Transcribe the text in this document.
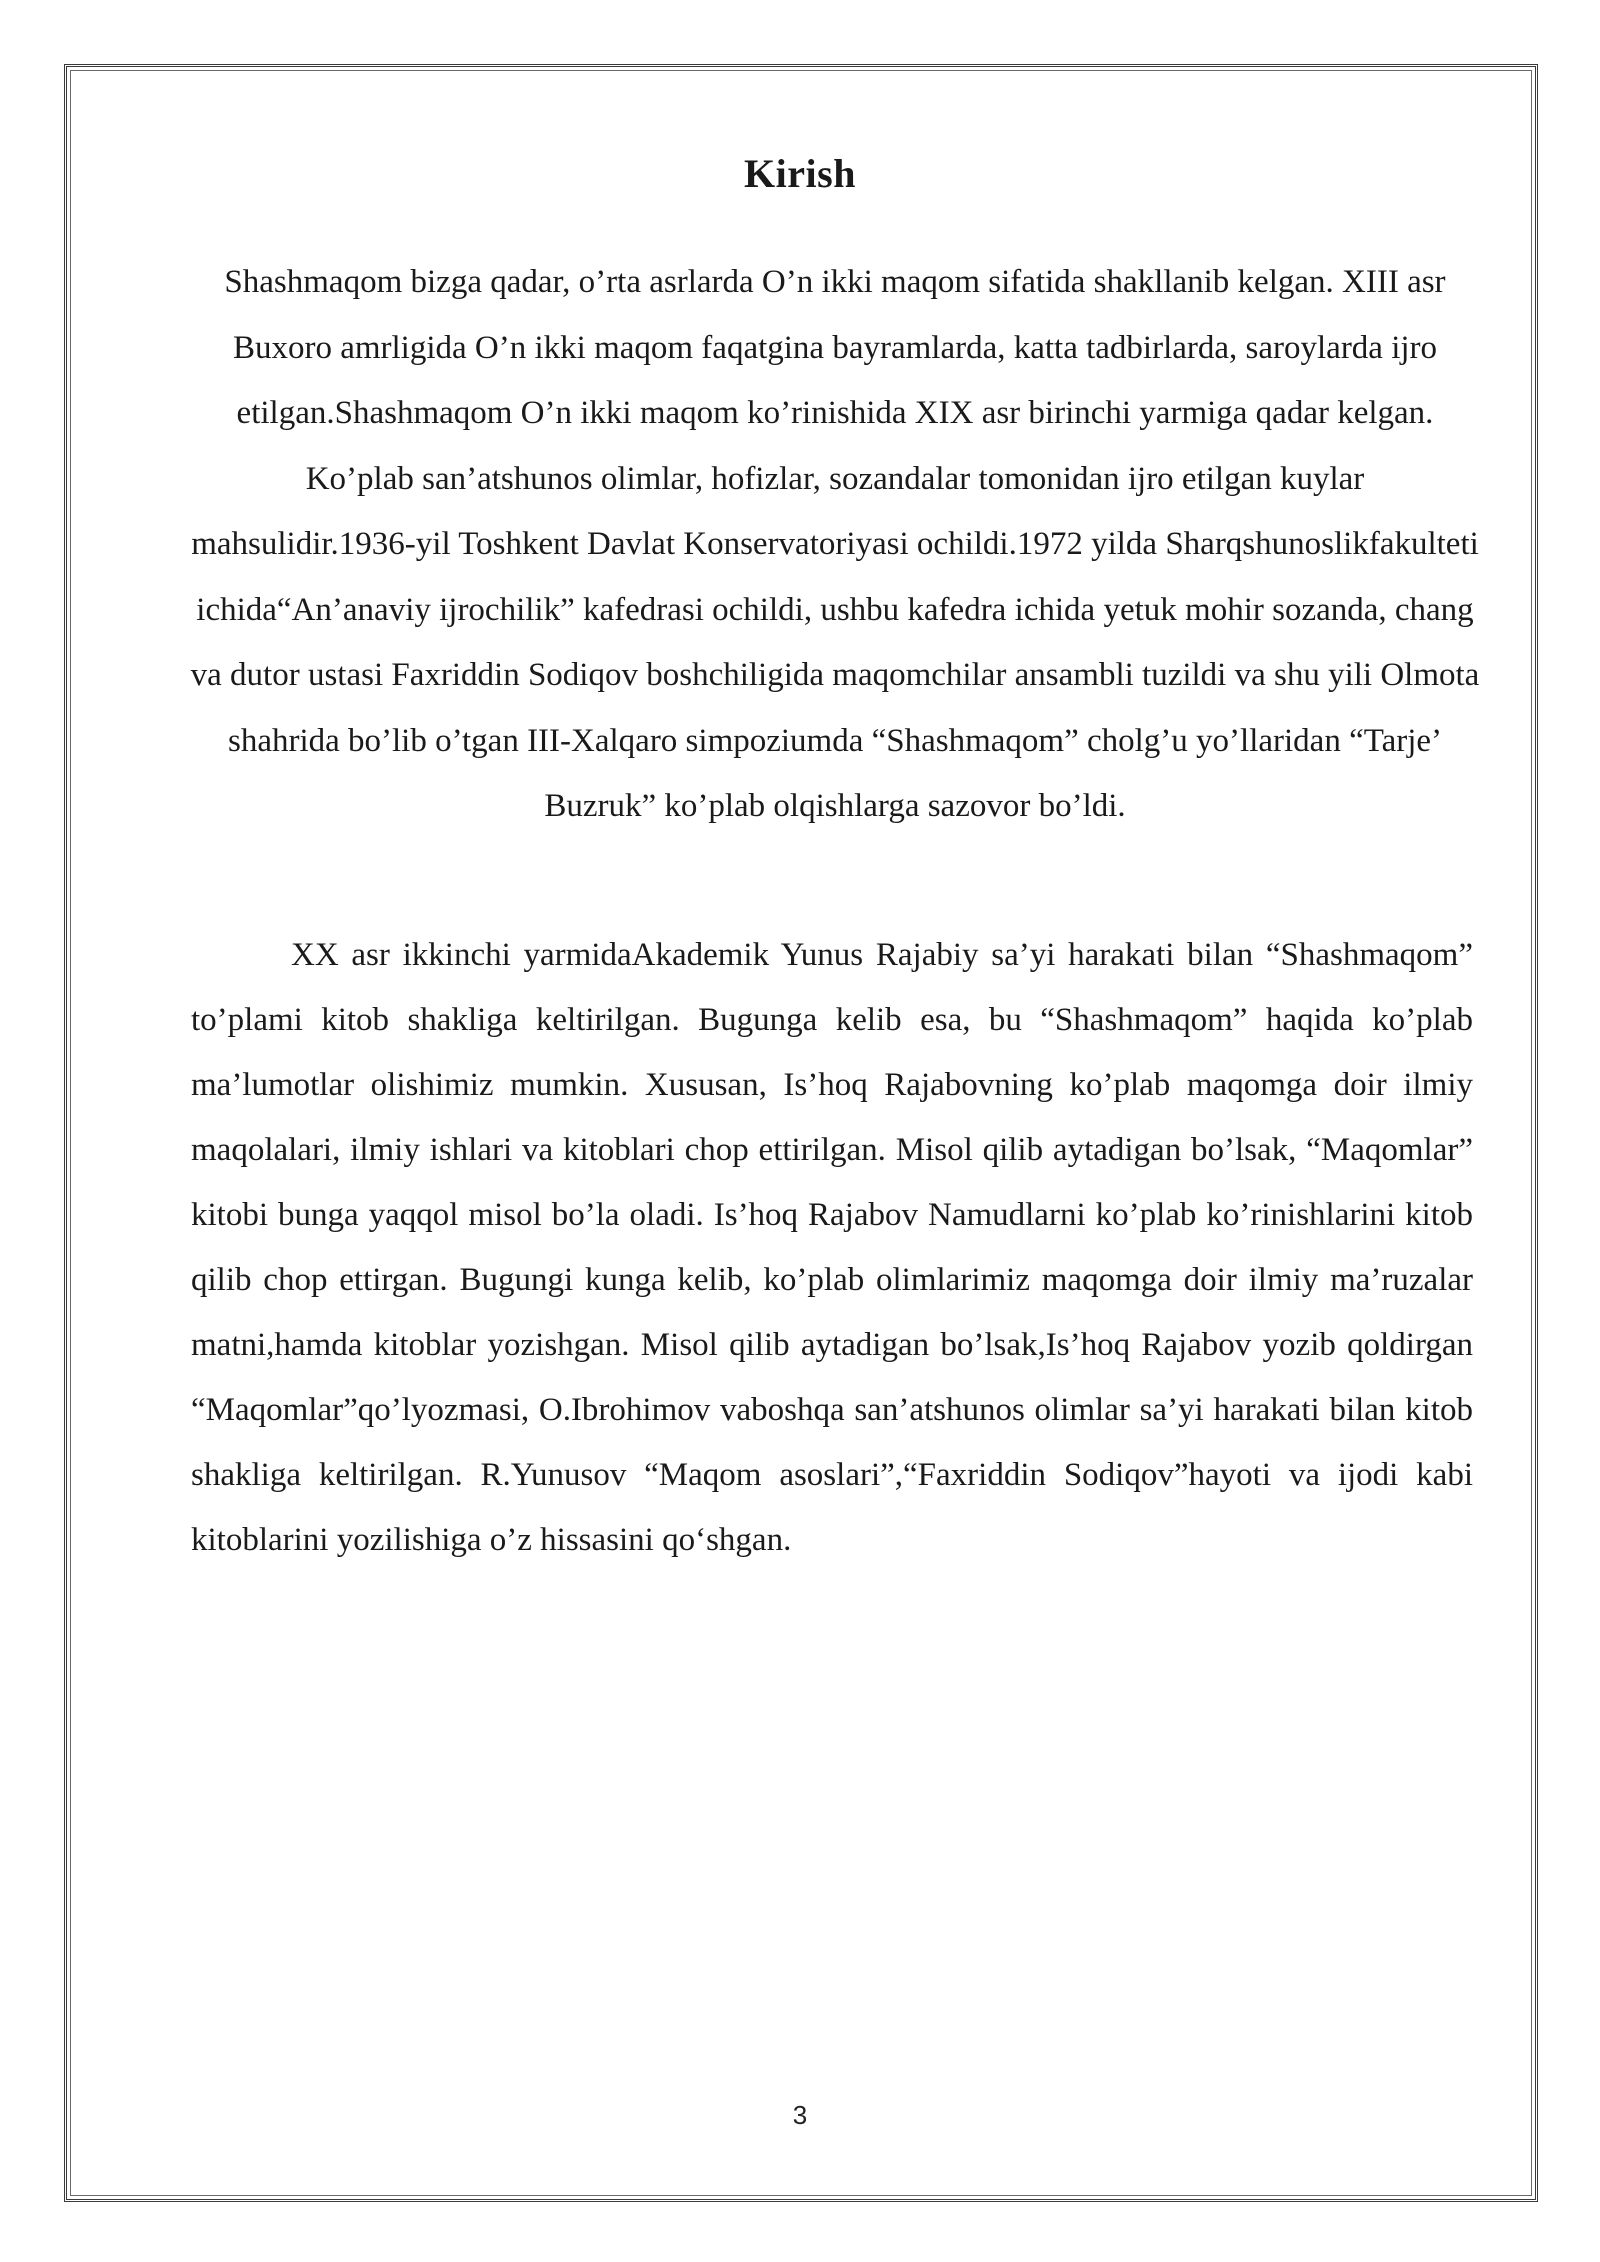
Kirish

Shashmaqom bizga qadar, o’rta asrlarda O’n ikki maqom sifatida shakllanib kelgan. XIII asr Buxoro amrligida O’n ikki maqom faqatgina bayramlarda, katta tadbirlarda, saroylarda ijro etilgan.Shashmaqom O’n ikki maqom ko’rinishida XIX asr birinchi yarmiga qadar kelgan. Ko’plab san’atshunos olimlar, hofizlar, sozandalar tomonidan ijro etilgan kuylar mahsulidir.1936-yil Toshkent Davlat Konservatoriyasi ochildi.1972 yilda Sharqshunoslikfakulteti ichida“An’anaviy ijrochilik” kafedrasi ochildi, ushbu kafedra ichida yetuk mohir sozanda, chang va dutor ustasi Faxriddin Sodiqov boshchiligida maqomchilar ansambli tuzildi va shu yili Olmota shahrida bo’lib o’tgan III-Xalqaro simpoziumda “Shashmaqom” cholg’u yo’llaridan “Tarje’ Buzruk” ko’plab olqishlarga sazovor bo’ldi.

XX asr ikkinchi yarmidaAkademik Yunus Rajabiy sa’yi harakati bilan “Shashmaqom” to’plami kitob shakliga keltirilgan. Bugunga kelib esa, bu “Shashmaqom” haqida ko’plab ma’lumotlar olishimiz mumkin. Xususan, Is’hoq Rajabovning ko’plab maqomga doir ilmiy maqolalari, ilmiy ishlari va kitoblari chop ettirilgan. Misol qilib aytadigan bo’lsak, “Maqomlar” kitobi bunga yaqqol misol bo’la oladi. Is’hoq Rajabov Namudlarni ko’plab ko’rinishlarini kitob qilib chop ettirgan. Bugungi kunga kelib, ko’plab olimlarimiz maqomga doir ilmiy ma’ruzalar matni,hamda kitoblar yozishgan. Misol qilib aytadigan bo’lsak,Is’hoq Rajabov yozib qoldirgan “Maqomlar”qo’lyozmasi, O.Ibrohimov vaboshqa san’atshunos olimlar sa’yi harakati bilan kitob shakliga keltirilgan. R.Yunusov “Maqom asoslari”,“Faxriddin Sodiqov”hayoti va ijodi kabi kitoblarini yozilishiga o’z hissasini qo‘shgan.

3
